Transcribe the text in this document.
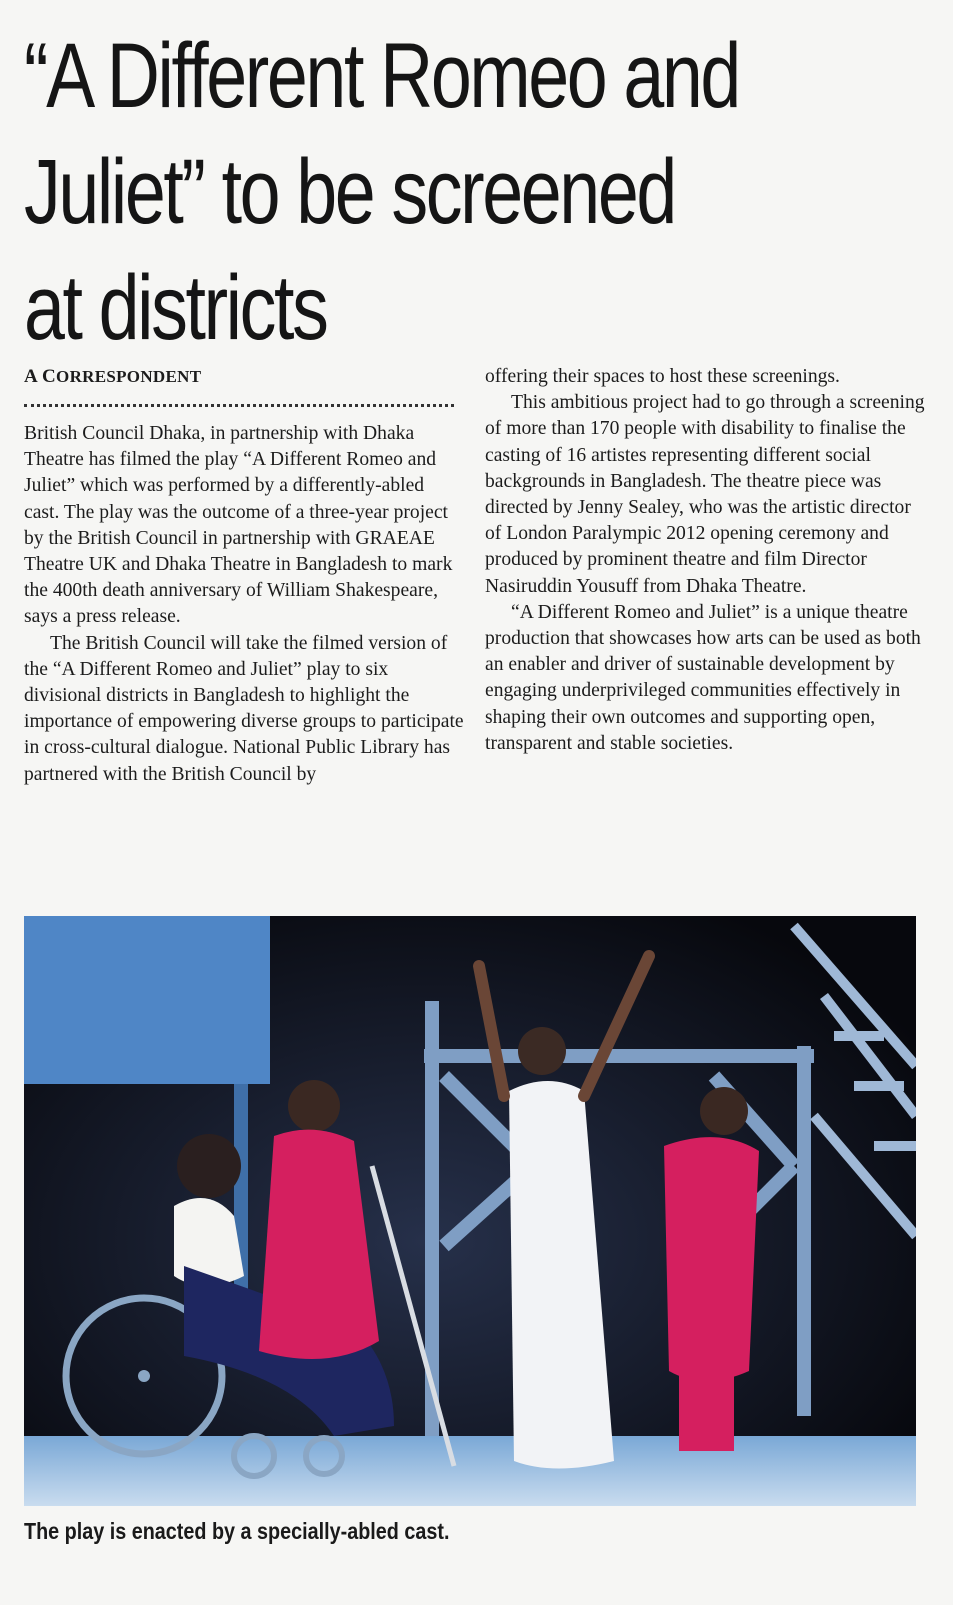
“A Different Romeo and
Juliet” to be screened
at districts
A CORRESPONDENT

British Council Dhaka, in partnership with Dhaka Theatre has filmed the play “A Different Romeo and Juliet” which was performed by a differently-abled cast. The play was the outcome of a three-year project by the British Council in partnership with GRAEAE Theatre UK and Dhaka Theatre in Bangladesh to mark the 400th death anniversary of William Shakespeare, says a press release.

The British Council will take the filmed version of the “A Different Romeo and Juliet” play to six divisional districts in Bangladesh to highlight the importance of empowering diverse groups to participate in cross-cultural dialogue. National Public Library has partnered with the British Council by

offering their spaces to host these screenings.

This ambitious project had to go through a screening of more than 170 people with disability to finalise the casting of 16 artistes representing different social backgrounds in Bangladesh. The theatre piece was directed by Jenny Sealey, who was the artistic director of London Paralympic 2012 opening ceremony and produced by prominent theatre and film Director Nasiruddin Yousuff from Dhaka Theatre.

“A Different Romeo and Juliet” is a unique theatre production that showcases how arts can be used as both an enabler and driver of sustainable development by engaging underprivileged communities effectively in shaping their own outcomes and supporting open, transparent and stable societies.

The play is enacted by a specially-abled cast.
